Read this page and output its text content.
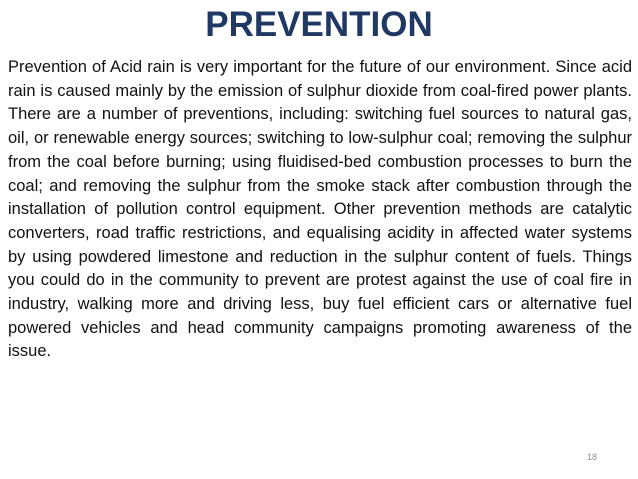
PREVENTION

Prevention of Acid rain is very important for the future of our environment. Since acid rain is caused mainly by the emission of sulphur dioxide from coal-fired power plants. There are a number of preventions, including: switching fuel sources to natural gas, oil, or renewable energy sources; switching to low-sulphur coal; removing the sulphur from the coal before burning; using fluidised-bed combustion processes to burn the coal; and removing the sulphur from the smoke stack after combustion through the installation of pollution control equipment. Other prevention methods are catalytic converters, road traffic restrictions, and equalising acidity in affected water systems by using powdered limestone and reduction in the sulphur content of fuels. Things you could do in the community to prevent are protest against the use of coal fire in industry, walking more and driving less, buy fuel efficient cars or alternative fuel powered vehicles and head community campaigns promoting awareness of the issue.

18
